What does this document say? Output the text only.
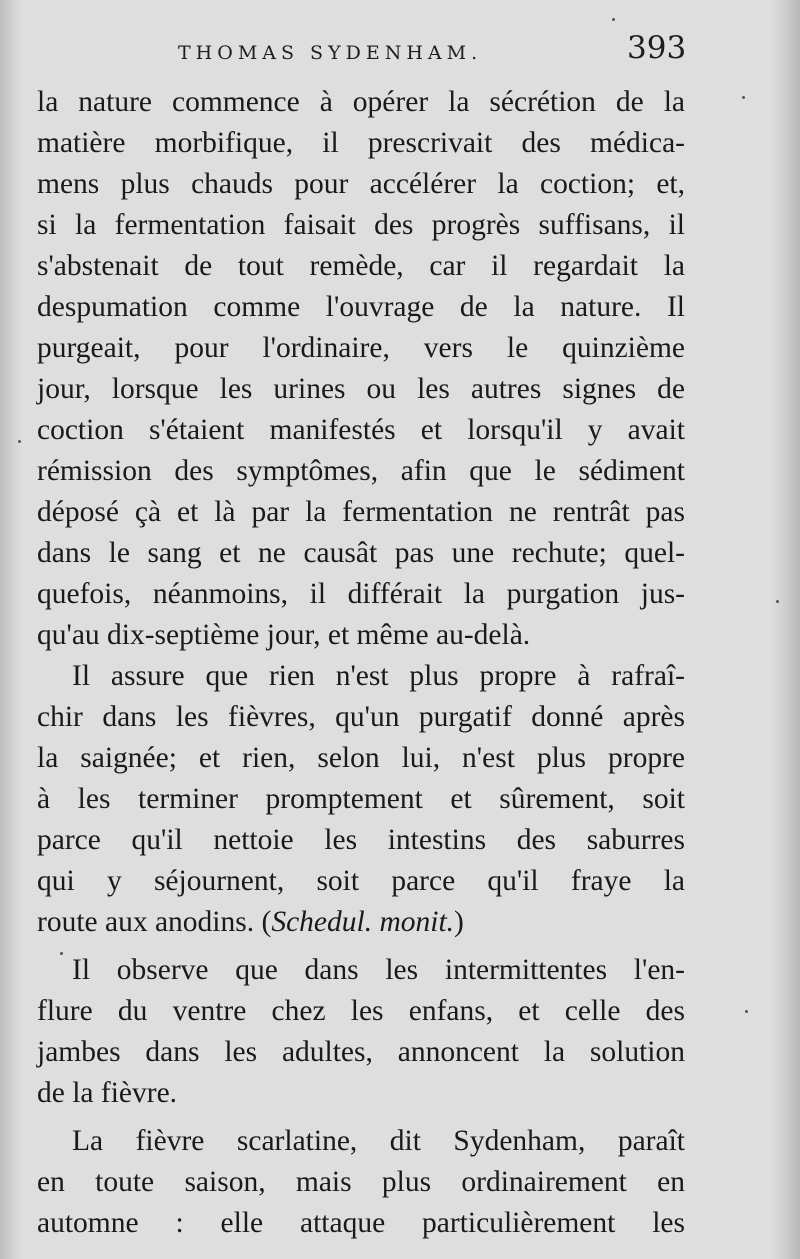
THOMAS SYDENHAM.	393
la nature commence à opérer la sécrétion de la
matière morbifique, il prescrivait des médica-
mens plus chauds pour accélérer la coction; et,
si la fermentation faisait des progrès suffisans, il
s'abstenait de tout remède, car il regardait la
despumation comme l'ouvrage de la nature. Il
purgeait, pour l'ordinaire, vers le quinzième
jour, lorsque les urines ou les autres signes de
coction s'étaient manifestés et lorsqu'il y avait
rémission des symptômes, afin que le sédiment
déposé çà et là par la fermentation ne rentrât pas
dans le sang et ne causât pas une rechute; quel-
quefois, néanmoins, il différait la purgation jus-
qu'au dix-septième jour, et même au-delà.
Il assure que rien n'est plus propre à rafraî-
chir dans les fièvres, qu'un purgatif donné après
la saignée; et rien, selon lui, n'est plus propre
à les terminer promptement et sûrement, soit
parce qu'il nettoie les intestins des saburres
qui y séjournent, soit parce qu'il fraye la
route aux anodins. (Schedul. monit.)
Il observe que dans les intermittentes l'en-
flure du ventre chez les enfans, et celle des
jambes dans les adultes, annoncent la solution
de la fièvre.
La fièvre scarlatine, dit Sydenham, paraît
en toute saison, mais plus ordinairement en
automne : elle attaque particulièrement les
